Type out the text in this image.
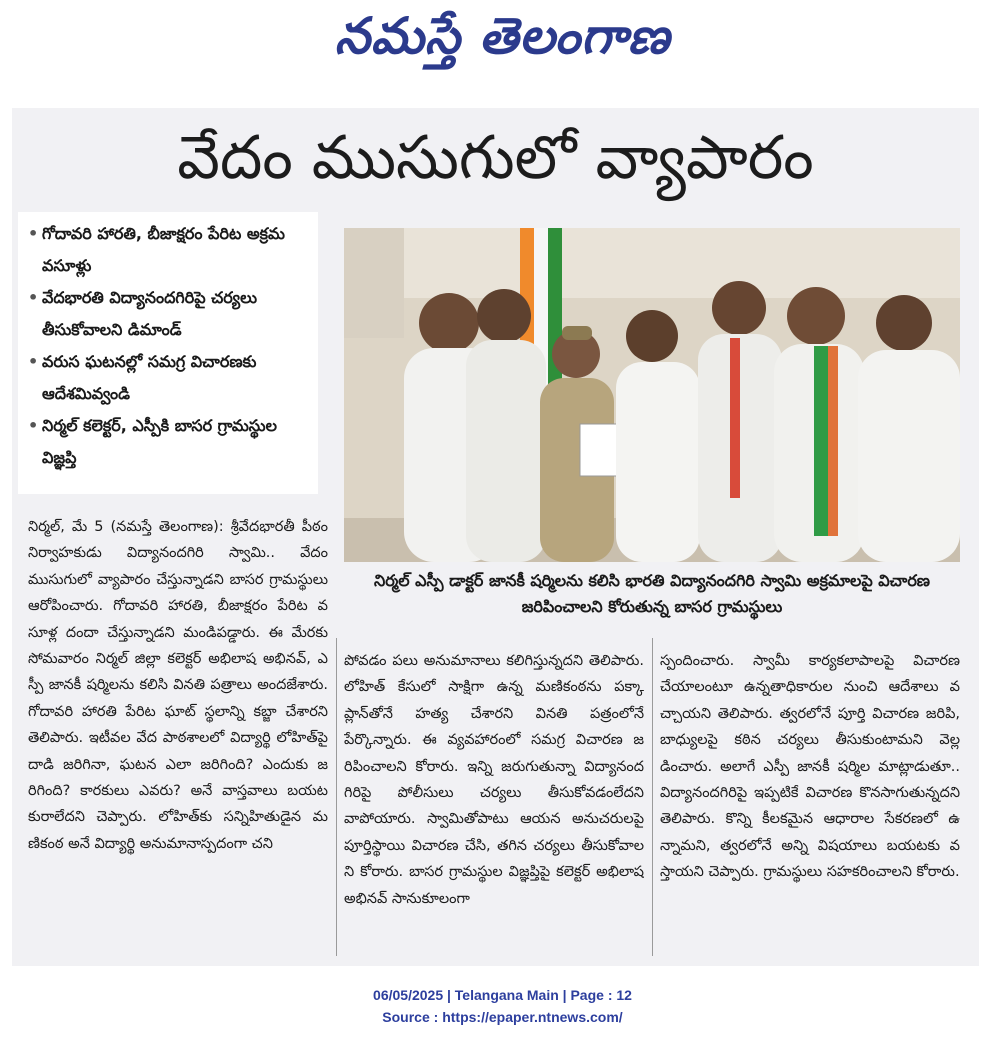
నమస్తే తెలంగాణ
వేదం ముసుగులో వ్యాపారం
• గోదావరి హారతి, బీజాక్షరం పేరిట అక్రమ వసూళ్లు
• వేదభారతి విద్యానందగిరిపై చర్యలు తీసుకోవాలని డిమాండ్
• వరుస ఘటనల్లో సమగ్ర విచారణకు ఆదేశమివ్వండి
• నిర్మల్ కలెక్టర్, ఎస్పీకి బాసర గ్రామస్థుల విజ్ఞప్తి
నిర్మల్ ఎస్పీ డాక్టర్ జానకీ షర్మిలను కలిసి భారతి విద్యానందగిరి స్వామి అక్రమాలపై విచారణ జరిపించాలని కోరుతున్న బాసర గ్రామస్థులు
నిర్మల్, మే 5 (నమస్తే తెలంగాణ): శ్రీవేదభారతీ పీఠం నిర్వాహకుడు విద్యానందగిరి స్వామి.. వేదం ముసుగులో వ్యాపారం చేస్తున్నాడని బాసర గ్రామస్థులు ఆరోపించారు. గోదావరి హారతి, బీజాక్షరం పేరిట వసూళ్ల దందా చేస్తున్నాడని మండిపడ్డారు. ఈ మేరకు సోమవారం నిర్మల్ జిల్లా కలెక్టర్ అభిలాష అభినవ్, ఎస్పీ జానకీ షర్మిలను కలిసి వినతి పత్రాలు అందజేశారు. గోదావరి హారతి పేరిట ఘాట్ స్థలాన్ని కబ్జా చేశారని తెలిపారు. ఇటీవల వేద పాఠశాలలో విద్యార్థి లోహిత్‌పై దాడి జరిగినా, ఘటన ఎలా జరిగింది? ఎందుకు జరిగింది? కారకులు ఎవరు? అనే వాస్తవాలు బయటకురాలేదని చెప్పారు. లోహిత్‌కు సన్నిహితుడైన మణికంఠ అనే విద్యార్థి అనుమానాస్పదంగా చని
పోవడం పలు అనుమానాలు కలిగిస్తున్నదని తెలిపారు. లోహిత్ కేసులో సాక్షిగా ఉన్న మణికంఠను పక్కా ప్లాన్‌తోనే హత్య చేశారని వినతి పత్రంలోనే పేర్కొన్నారు. ఈ వ్యవహారంలో సమగ్ర విచారణ జరిపించాలని కోరారు. ఇన్ని జరుగుతున్నా విద్యానందగిరిపై పోలీసులు చర్యలు తీసుకోవడంలేదని వాపోయారు. స్వామితోపాటు ఆయన అనుచరులపై పూర్తిస్థాయి విచారణ చేసి, తగిన చర్యలు తీసుకోవాలని కోరారు. బాసర గ్రామస్థుల విజ్ఞప్తిపై కలెక్టర్ అభిలాష అభినవ్ సానుకూలంగా
స్పందించారు. స్వామీ కార్యకలాపాలపై విచారణ చేయాలంటూ ఉన్నతాధికారుల నుంచి ఆదేశాలు వచ్చాయని తెలిపారు. త్వరలోనే పూర్తి విచారణ జరిపి, బాధ్యులపై కఠిన చర్యలు తీసుకుంటామని వెల్లడించారు. అలాగే ఎస్పీ జానకీ షర్మిల మాట్లాడుతూ.. విద్యానందగిరిపై ఇప్పటికే విచారణ కొనసాగుతున్నదని తెలిపారు. కొన్ని కీలకమైన ఆధారాల సేకరణలో ఉన్నామని, త్వరలోనే అన్ని విషయాలు బయటకు వస్తాయని చెప్పారు. గ్రామస్థులు సహకరించాలని కోరారు.
06/05/2025 | Telangana Main | Page : 12
Source : https://epaper.ntnews.com/
